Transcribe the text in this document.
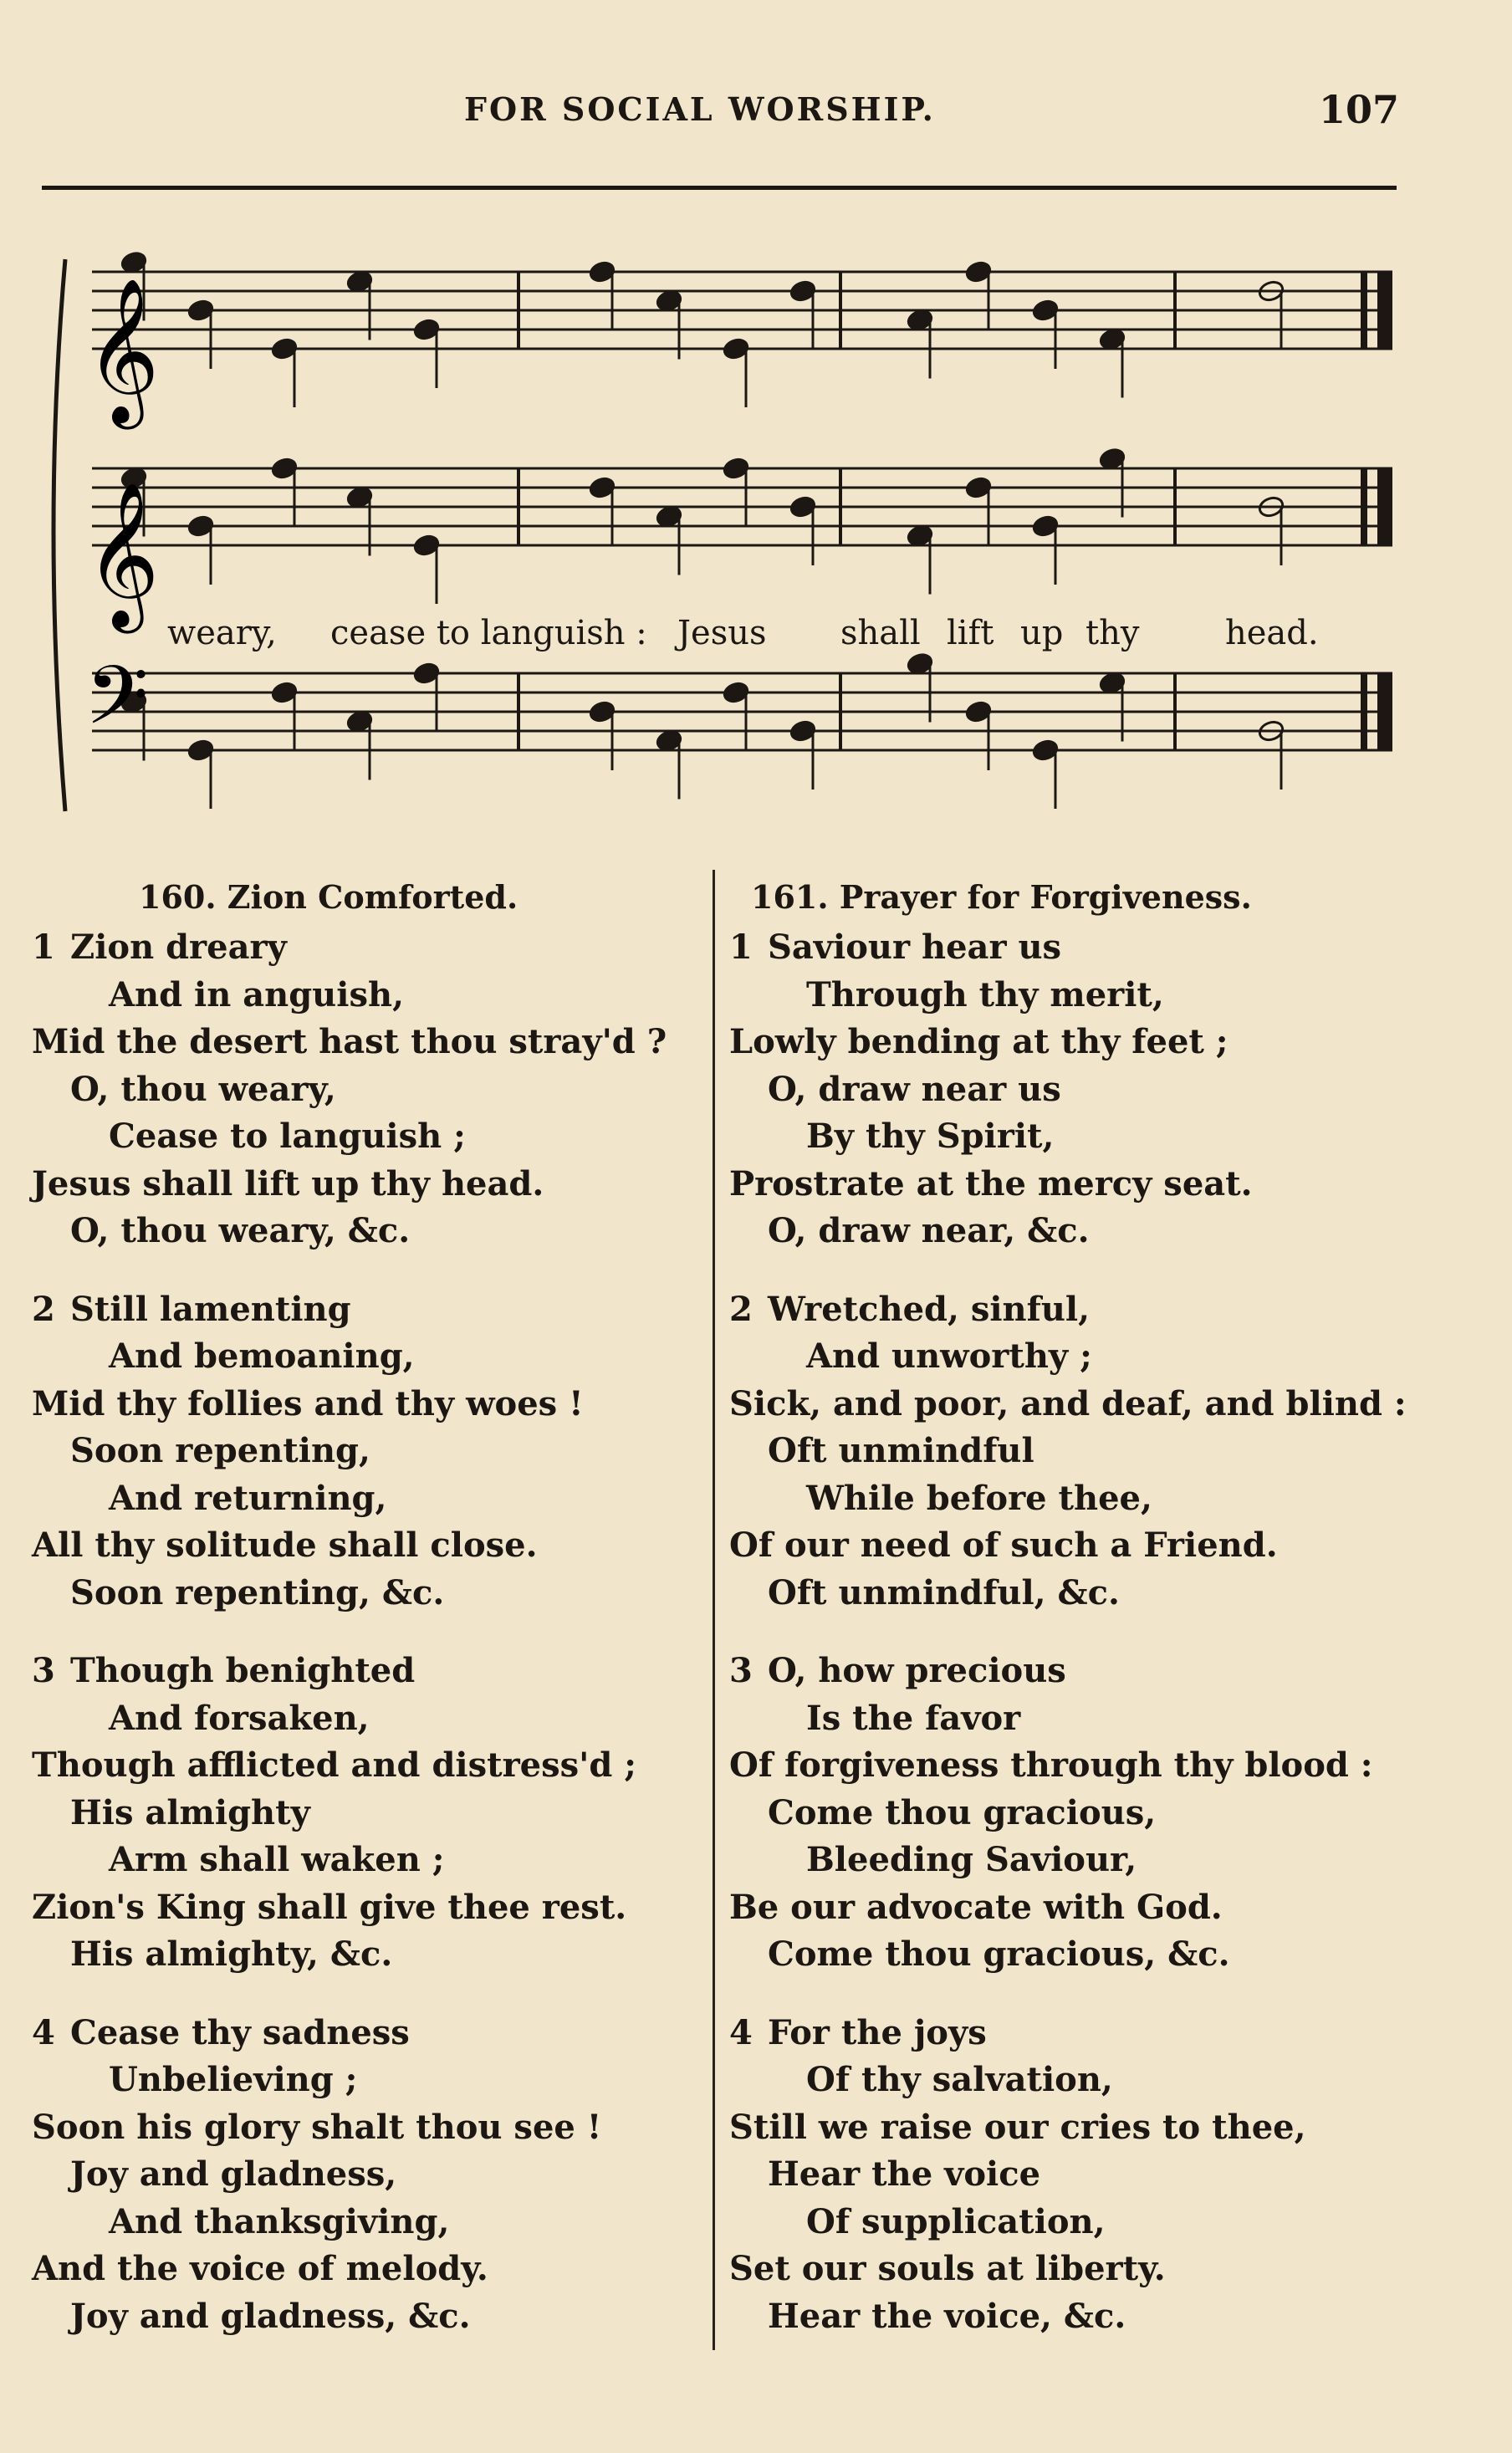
FOR SOCIAL WORSHIP.	107
𝄞
𝄞
𝄢
weary, cease to languish : Jesus shall lift up thy	head.
160. Zion Comforted.
1 Zion dreary
And in anguish,
Mid the desert hast thou stray'd ?
O, thou weary,
Cease to languish ;
Jesus shall lift up thy head.
O, thou weary, &c.
2 Still lamenting
And bemoaning,
Mid thy follies and thy woes !
Soon repenting,
And returning,
All thy solitude shall close.
Soon repenting, &c.
3 Though benighted
And forsaken,
Though afflicted and distress'd ;
His almighty
Arm shall waken ;
Zion's King shall give thee rest.
His almighty, &c.
4 Cease thy sadness
Unbelieving ;
Soon his glory shalt thou see !
Joy and gladness,
And thanksgiving,
And the voice of melody.
Joy and gladness, &c.
161. Prayer for Forgiveness.
1 Saviour hear us
Through thy merit,
Lowly bending at thy feet ;
O, draw near us
By thy Spirit,
Prostrate at the mercy seat.
O, draw near, &c.
2 Wretched, sinful,
And unworthy ;
Sick, and poor, and deaf, and blind :
Oft unmindful
While before thee,
Of our need of such a Friend.
Oft unmindful, &c.
3 O, how precious
Is the favor
Of forgiveness through thy blood :
Come thou gracious,
Bleeding Saviour,
Be our advocate with God.
Come thou gracious, &c.
4 For the joys
Of thy salvation,
Still we raise our cries to thee,
Hear the voice
Of supplication,
Set our souls at liberty.
Hear the voice, &c.
